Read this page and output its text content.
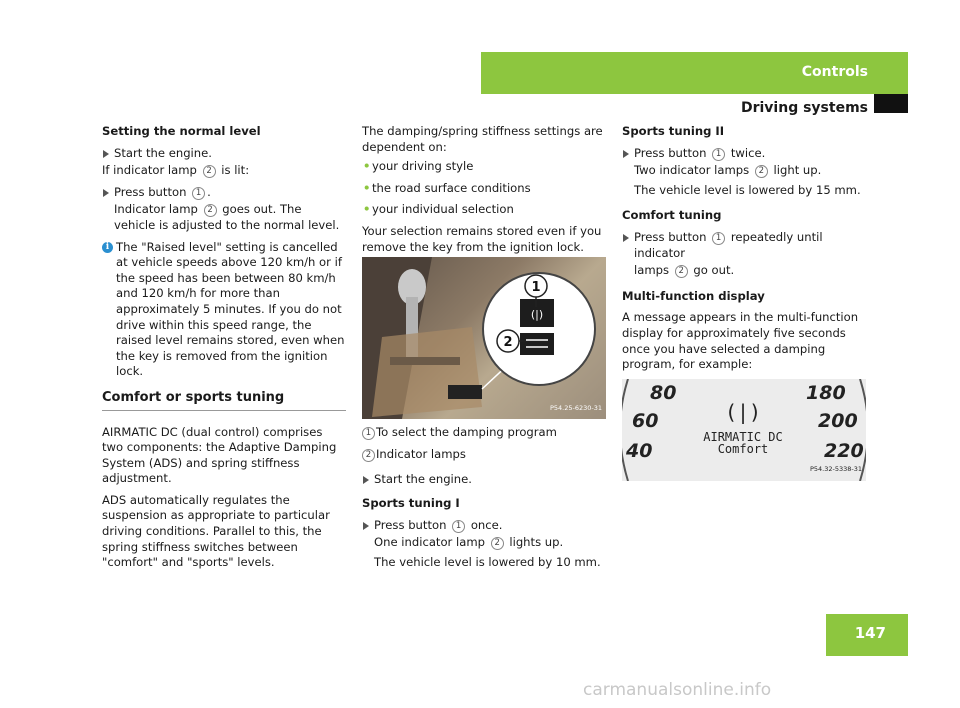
Controls
Driving systems
Setting the normal level
Start the engine.
If indicator lamp 2 is lit:
Press button 1 .
Indicator lamp 2 goes out. The vehicle is adjusted to the normal level.
i The "Raised level" setting is cancelled at vehicle speeds above 120 km/h or if the speed has been between 80 km/h and 120 km/h for more than approximately 5 minutes. If you do not drive within this speed range, the raised level remains stored, even when the key is removed from the ignition lock.
Comfort or sports tuning
AIRMATIC DC (dual control) comprises two components: the Adaptive Damping System (ADS) and spring stiffness adjustment.
ADS automatically regulates the suspension as appropriate to particular driving conditions. Parallel to this, the spring stiffness switches between "comfort" and "sports" levels.
The damping/spring stiffness settings are dependent on:
• your driving style
• the road surface conditions
• your individual selection
Your selection remains stored even if you remove the key from the ignition lock.
(|)
1
2
P54.25-6230-31
1 To select the damping program
2 Indicator lamps
Start the engine.
Sports tuning I
Press button 1 once.
One indicator lamp 2 lights up.
The vehicle level is lowered by 10 mm.
Sports tuning II
Press button 1 twice.
Two indicator lamps 2 light up.
The vehicle level is lowered by 15 mm.
Comfort tuning
Press button 1 repeatedly until indicator
lamps 2 go out.
Multi-function display
A message appears in the multi-function display for approximately five seconds once you have selected a damping program, for example:
80
60
40
180
200
220
(|)
AIRMATIC DC
Comfort
P54.32-5338-31
147
carmanualsonline.info
